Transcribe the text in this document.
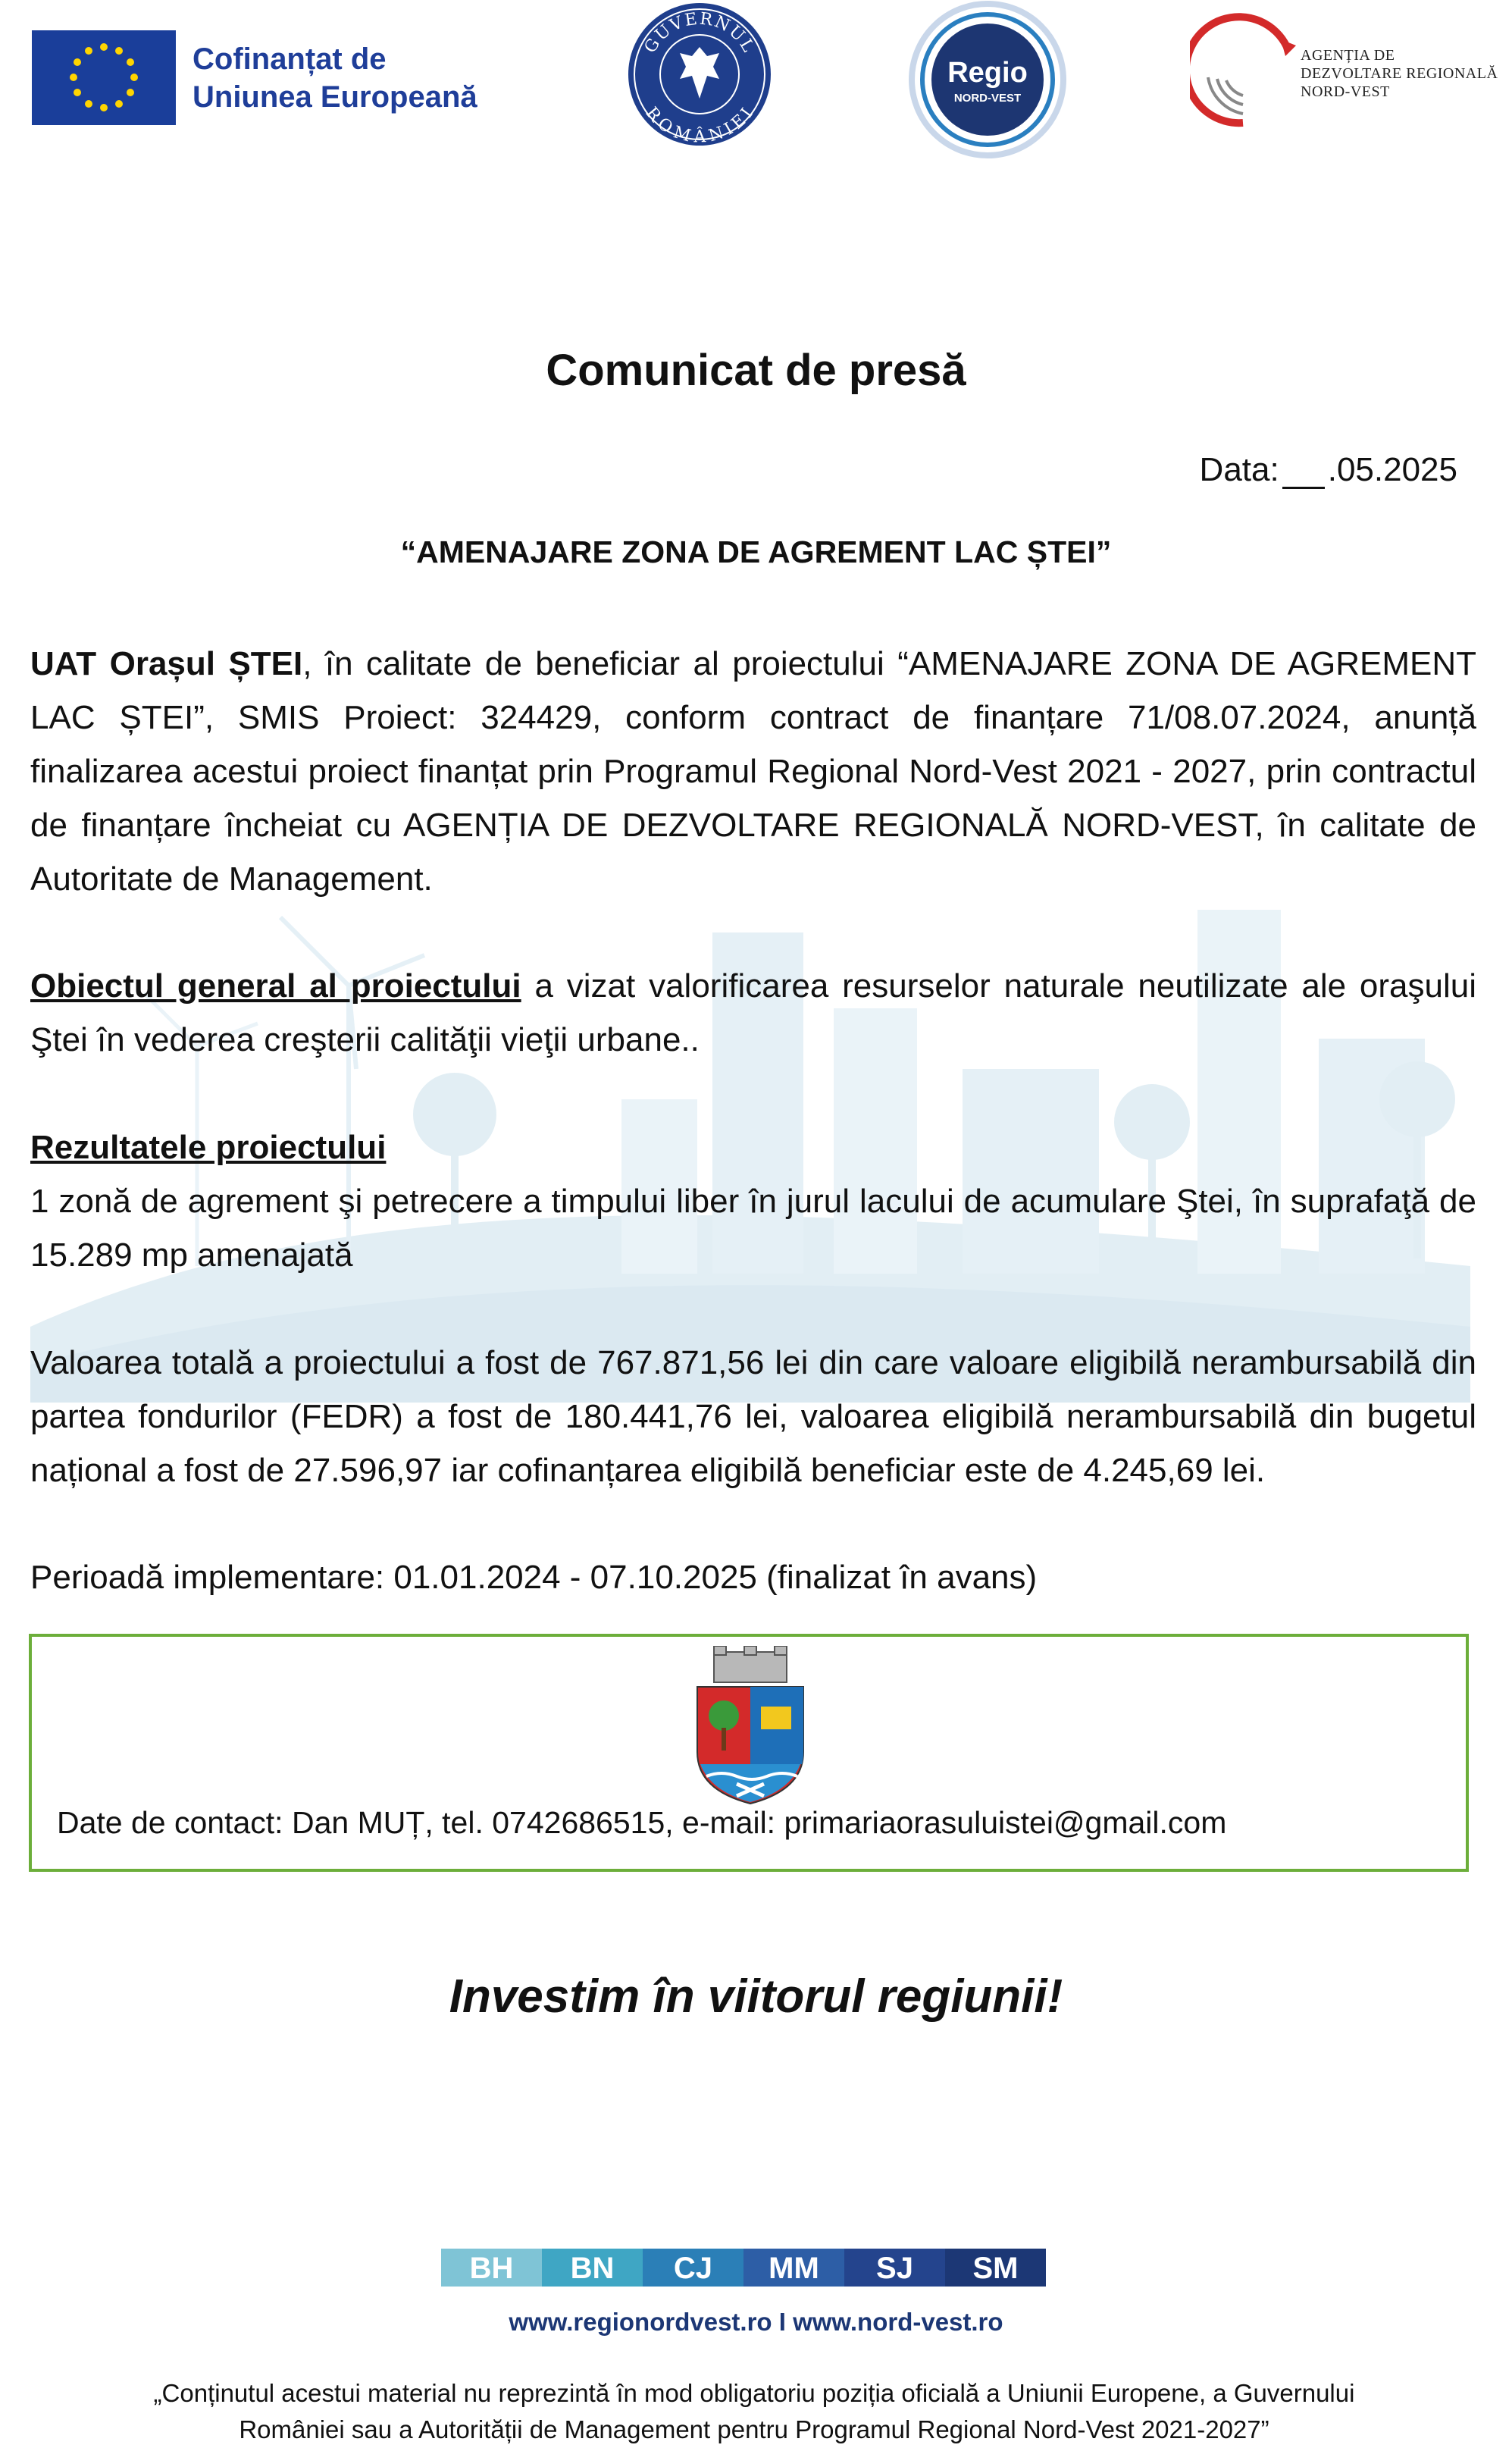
Cofinanțat de
Uniunea Europeană
GUVERNUL
ROMÂNIEI
Regio
NORD-VEST
AGENȚIA DE
DEZVOLTARE REGIONALĂ
NORD-VEST
Comunicat de presă
Data: .05.2025
“AMENAJARE ZONA DE AGREMENT LAC ȘTEI”
UAT Orașul ȘTEI, în calitate de beneficiar al proiectului “AMENAJARE ZONA DE AGREMENT LAC ȘTEI”, SMIS Proiect: 324429, conform contract de finanțare 71/08.07.2024, anunță finalizarea acestui proiect finanțat prin Programul Regional Nord-Vest 2021 - 2027, prin contractul de finanțare încheiat cu AGENȚIA DE DEZVOLTARE REGIONALĂ NORD-VEST, în calitate de Autoritate de Management.
Obiectul general al proiectului a vizat valorificarea resurselor naturale neutilizate ale oraşului Ştei în vederea creşterii calităţii vieţii urbane..
Rezultatele proiectului
1 zonă de agrement şi petrecere a timpului liber în jurul lacului de acumulare Ştei, în suprafaţă de 15.289 mp amenajată
Valoarea totală a proiectului a fost de 767.871,56 lei din care valoare eligibilă nerambursabilă din partea fondurilor (FEDR) a fost de 180.441,76 lei, valoarea eligibilă nerambursabilă din bugetul național a fost de 27.596,97 iar cofinanțarea eligibilă beneficiar este de 4.245,69 lei.
Perioadă implementare: 01.01.2024 - 07.10.2025 (finalizat în avans)
Date de contact: Dan MUȚ, tel. 0742686515, e-mail: primariaorasuluistei@gmail.com
Investim în viitorul regiunii!
BH	BN	CJ	MM	SJ	SM
www.regionordvest.ro I www.nord-vest.ro
„Conținutul acestui material nu reprezintă în mod obligatoriu poziția oficială a Uniunii Europene, a Guvernului
României sau a Autorității de Management pentru Programul Regional Nord-Vest 2021-2027”
